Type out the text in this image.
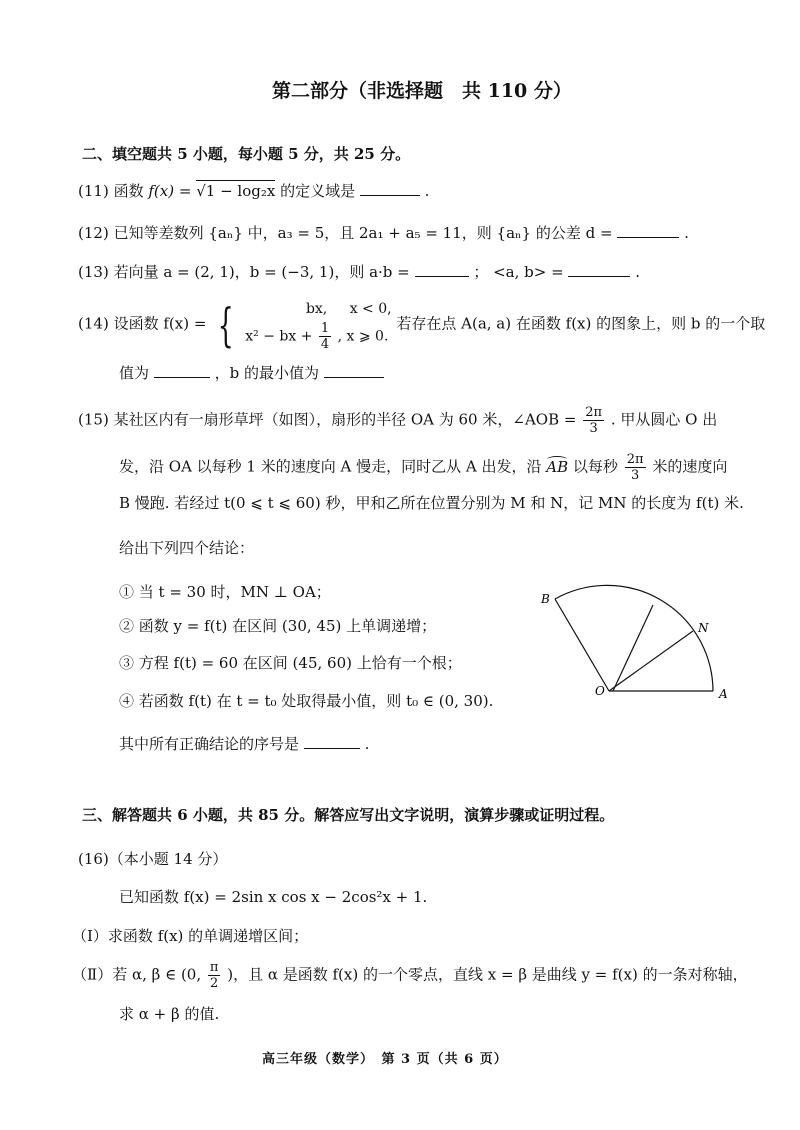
第二部分（非选择题　共 110 分）
二、填空题共 5 小题，每小题 5 分，共 25 分。
(11) 函数 f(x) = √1 − log₂x 的定义域是	.
(12) 已知等差数列 {aₙ} 中，a₃ = 5，且 2a₁ + a₅ = 11，则 {aₙ} 的公差 d =	.
(13) 若向量 a = (2, 1)，b = (−3, 1)，则 a·b =	； <a, b> =	.
(14) 设函数 f(x) = {	bx, x < 0,
x² − bx + $\frac{1}{4}$ , x ⩾ 0.
若存在点 A(a, a) 在函数 f(x) 的图象上，则 b 的一个取
值为	，b 的最小值为
(15) 某社区内有一扇形草坪（如图），扇形的半径 OA 为 60 米，∠AOB = $\frac{2\pi}{3}$ . 甲从圆心 O 出
发，沿 OA 以每秒 1 米的速度向 A 慢走，同时乙从 A 出发，沿
AB 以每秒 $\frac{2\pi}{3}$ 米的速度向
B 慢跑. 若经过 t(0 ⩽ t ⩽ 60) 秒，甲和乙所在位置分别为 M 和 N，记 MN 的长度为 f(t) 米.
给出下列四个结论：
① 当 t = 30 时，MN ⊥ OA；
② 函数 y = f(t) 在区间 (30, 45) 上单调递增；
③ 方程 f(t) = 60 在区间 (45, 60) 上恰有一个根；
④ 若函数 f(t) 在 t = t₀ 处取得最小值，则 t₀ ∈ (0, 30).
其中所有正确结论的序号是	.
B
N
O	A
三、解答题共 6 小题，共 85 分。解答应写出文字说明，演算步骤或证明过程。
(16)（本小题 14 分）
已知函数 f(x) = 2sin x cos x − 2cos²x + 1.
（Ⅰ）求函数 f(x) 的单调递增区间；
（Ⅱ）若 α, β ∈ (0, $\frac{\pi}{2}$ )，且 α 是函数 f(x) 的一个零点，直线 x = β 是曲线 y = f(x) 的一条对称轴，
求 α + β 的值.
高三年级（数学）　第 3 页（共 6 页）
